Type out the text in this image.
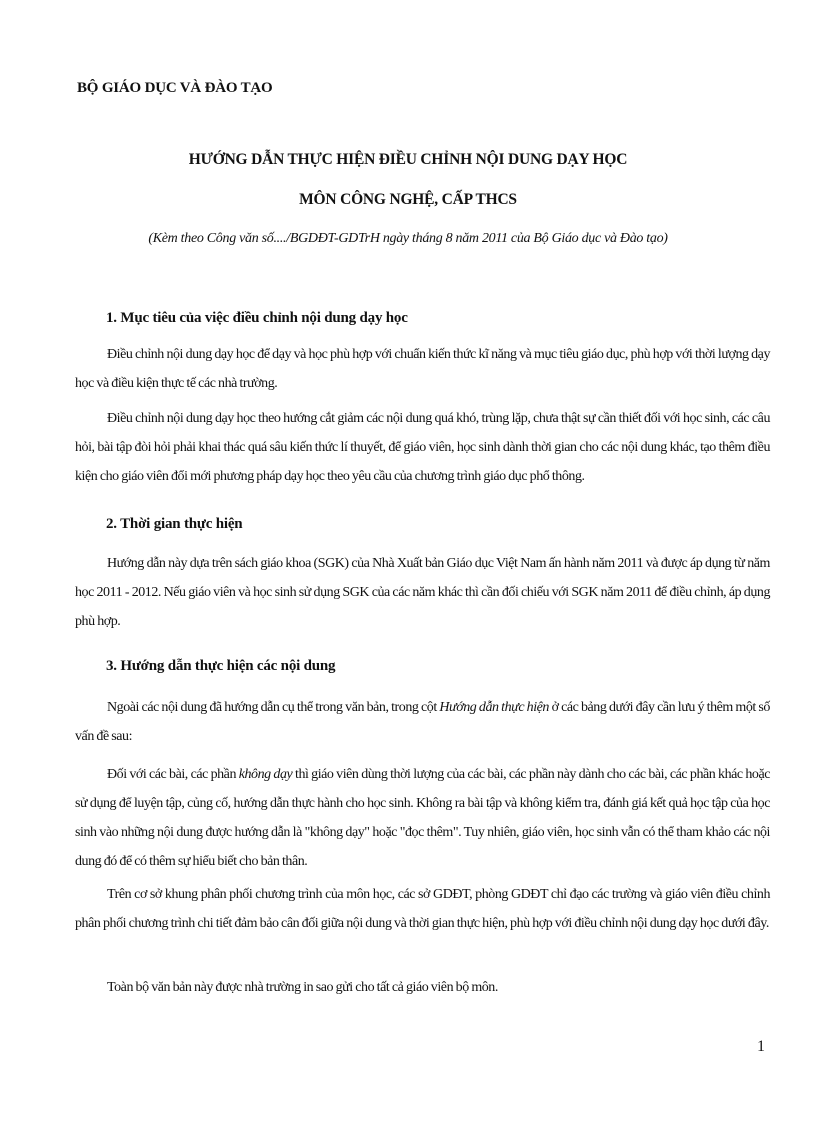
BỘ GIÁO DỤC VÀ ĐÀO TẠO
HƯỚNG DẪN THỰC HIỆN ĐIỀU CHỈNH NỘI DUNG DẠY HỌC
MÔN CÔNG NGHỆ, CẤP THCS
(Kèm theo Công văn số..../BGDĐT-GDTrH ngày tháng 8 năm 2011 của Bộ Giáo dục và Đào tạo)
1. Mục tiêu của việc điều chỉnh nội dung dạy học

Điều chỉnh nội dung dạy học để dạy và học phù hợp với chuẩn kiến thức kĩ năng và mục tiêu giáo dục, phù hợp với thời lượng dạy học và điều kiện thực tế các nhà trường.

Điều chỉnh nội dung dạy học theo hướng cắt giảm các nội dung quá khó, trùng lặp, chưa thật sự cần thiết đối với học sinh, các câu hỏi, bài tập đòi hỏi phải khai thác quá sâu kiến thức lí thuyết, để giáo viên, học sinh dành thời gian cho các nội dung khác, tạo thêm điều kiện cho giáo viên đổi mới phương pháp dạy học theo yêu cầu của chương trình giáo dục phổ thông.

2. Thời gian thực hiện

Hướng dẫn này dựa trên sách giáo khoa (SGK) của Nhà Xuất bản Giáo dục Việt Nam ấn hành năm 2011 và được áp dụng từ năm học 2011 - 2012. Nếu giáo viên và học sinh sử dụng SGK của các năm khác thì cần đối chiếu với SGK năm 2011 để điều chỉnh, áp dụng phù hợp.

3. Hướng dẫn thực hiện các nội dung

Ngoài các nội dung đã hướng dẫn cụ thể trong văn bản, trong cột Hướng dẫn thực hiện ở các bảng dưới đây cần lưu ý thêm một số vấn đề sau:

Đối với các bài, các phần không dạy thì giáo viên dùng thời lượng của các bài, các phần này dành cho các bài, các phần khác hoặc sử dụng để luyện tập, củng cố, hướng dẫn thực hành cho học sinh. Không ra bài tập và không kiểm tra, đánh giá kết quả học tập của học sinh vào những nội dung được hướng dẫn là "không dạy" hoặc "đọc thêm". Tuy nhiên, giáo viên, học sinh vẫn có thể tham khảo các nội dung đó để có thêm sự hiểu biết cho bản thân.

Trên cơ sở khung phân phối chương trình của môn học, các sở GDĐT, phòng GDĐT chỉ đạo các trường và giáo viên điều chỉnh phân phối chương trình chi tiết đảm bảo cân đối giữa nội dung và thời gian thực hiện, phù hợp với điều chỉnh nội dung dạy học dưới đây.

Toàn bộ văn bản này được nhà trường in sao gửi cho tất cả giáo viên bộ môn.

1
